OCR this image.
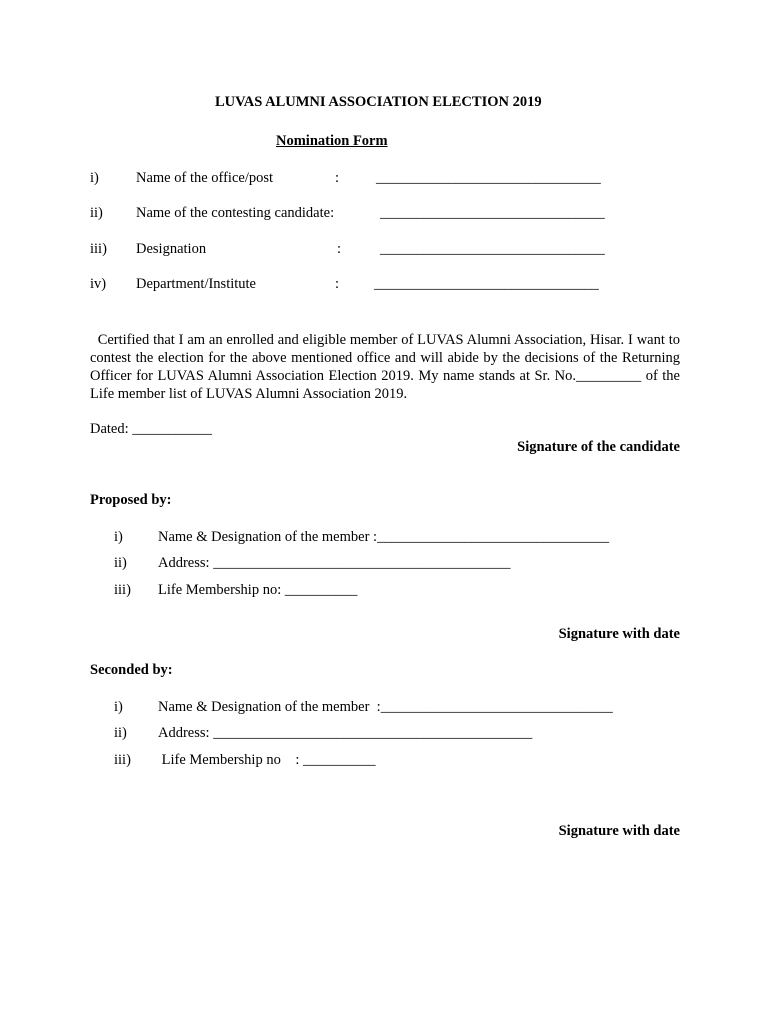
LUVAS ALUMNI ASSOCIATION ELECTION 2019
Nomination Form
i)	Name of the office/post	:	_______________________________
ii) Name of the contesting candidate:	_______________________________
iii) Designation	:	_______________________________
iv) Department/Institute	: _______________________________
Certified that I am an enrolled and eligible member of LUVAS Alumni Association, Hisar. I want to contest the election for the above mentioned office and will abide by the decisions of the Returning Officer for LUVAS Alumni Association Election 2019. My name stands at Sr. No._________ of the Life member list of LUVAS Alumni Association 2019.
Dated: ___________
Signature of the candidate
Proposed by:
i) Name & Designation of the member :________________________________
ii) Address: _________________________________________
iii) Life Membership no: __________
Signature with date
Seconded by:
i) Name & Designation of the member  :________________________________
ii) Address: ____________________________________________
iii) Life Membership no    : __________
Signature with date
